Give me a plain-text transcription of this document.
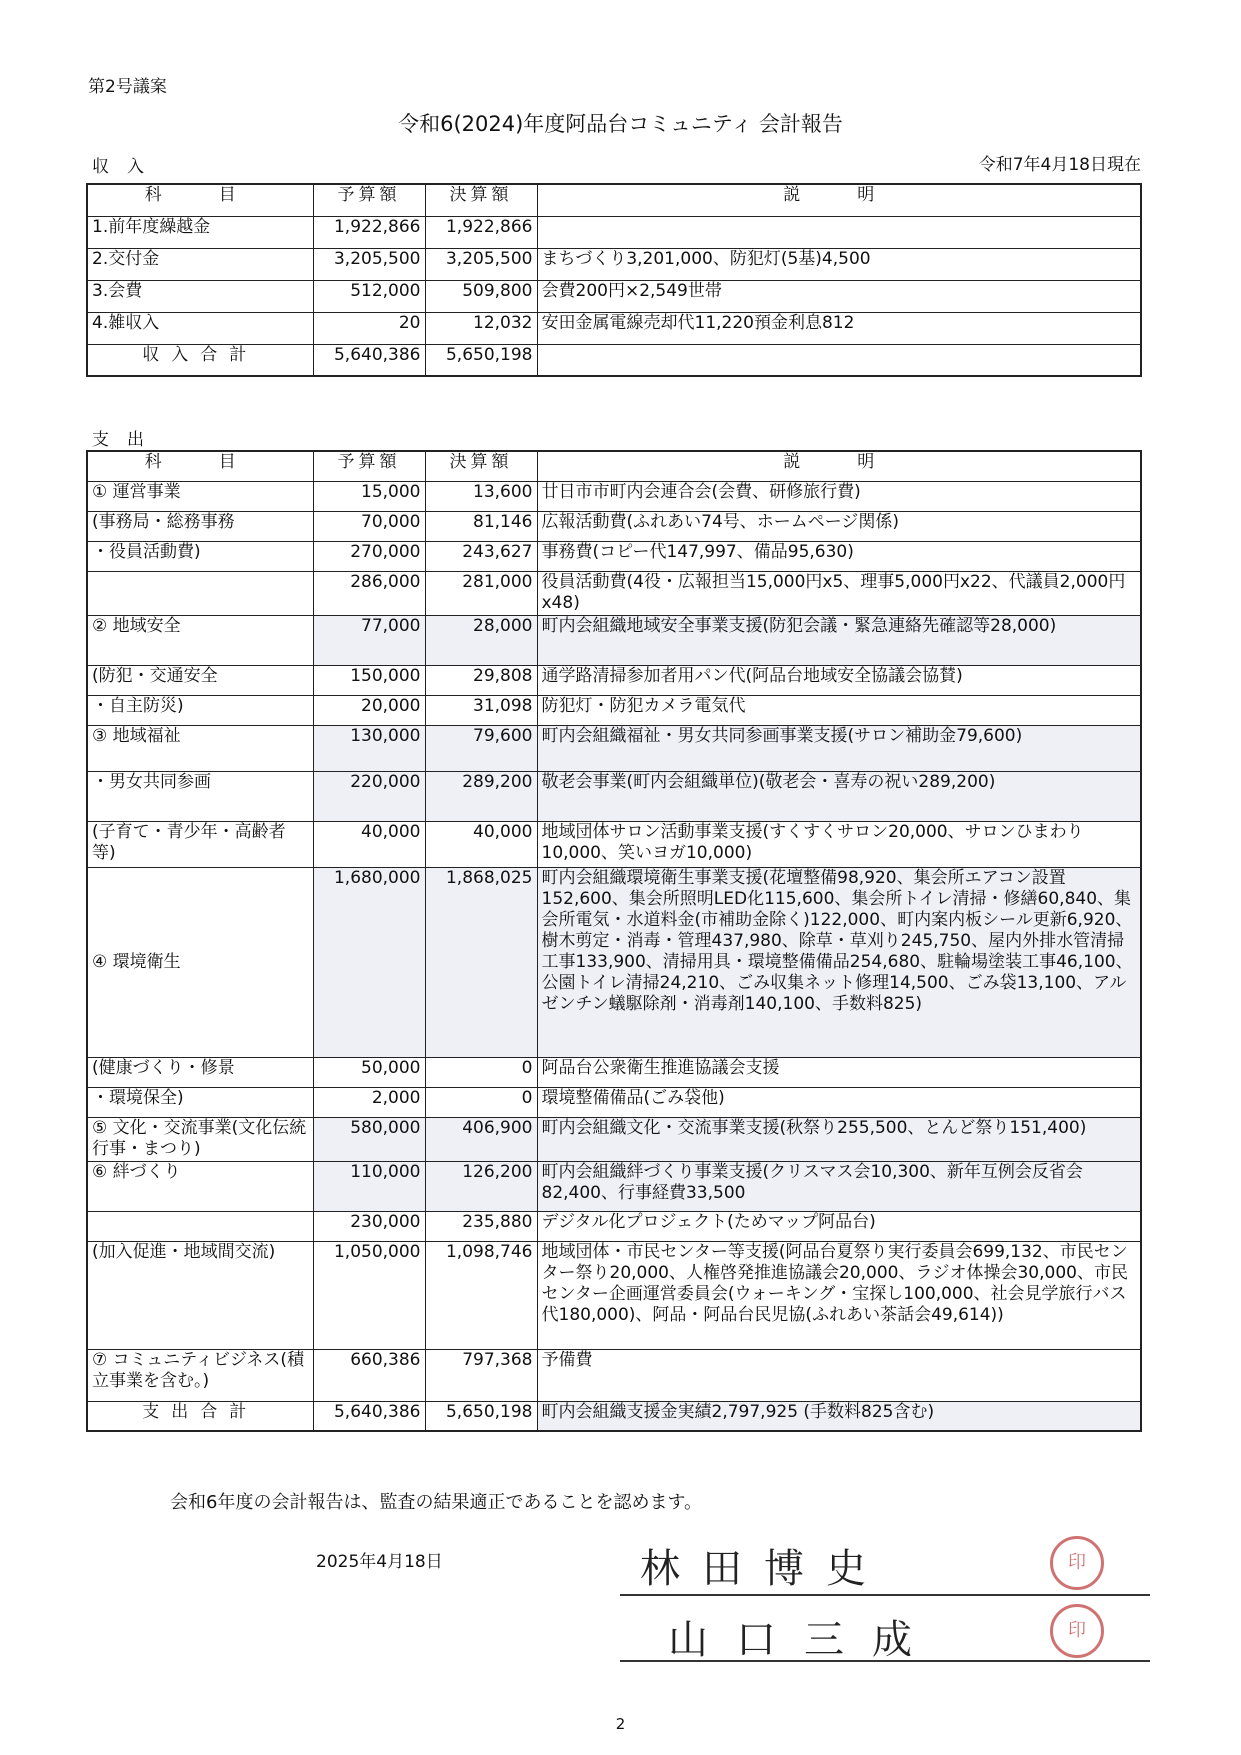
第2号議案
令和6(2024)年度阿品台コミュニティ 会計報告
収入	令和7年4月18日現在
科　目	予算額	決算額	説　明
1.前年度繰越金	1,922,866	1,922,866	
2.交付金	3,205,500	3,205,500	まちづくり3,201,000、防犯灯(5基)4,500
3.会費	512,000	509,800	会費200円×2,549世帯
4.雑収入	20	12,032	安田金属電線売却代11,220預金利息812
収入合計	5,640,386	5,650,198	
支出
科　目	予算額	決算額	説　明
① 運営事業	15,000	13,600	廿日市市町内会連合会(会費、研修旅行費)
(事務局・総務事務	70,000	81,146	広報活動費(ふれあい74号、ホームページ関係)
・役員活動費)	270,000	243,627	事務費(コピー代147,997、備品95,630)
	286,000	281,000	役員活動費(4役・広報担当15,000円x5、理事5,000円x22、代議員2,000円x48)
② 地域安全	77,000	28,000	町内会組織地域安全事業支援(防犯会議・緊急連絡先確認等28,000)
(防犯・交通安全	150,000	29,808	通学路清掃参加者用パン代(阿品台地域安全協議会協賛)
・自主防災)	20,000	31,098	防犯灯・防犯カメラ電気代
③ 地域福祉	130,000	79,600	町内会組織福祉・男女共同参画事業支援(サロン補助金79,600)
・男女共同参画	220,000	289,200	敬老会事業(町内会組織単位)(敬老会・喜寿の祝い289,200)
(子育て・青少年・高齢者等)	40,000	40,000	地域団体サロン活動事業支援(すくすくサロン20,000、サロンひまわり10,000、笑いヨガ10,000)
④ 環境衛生	1,680,000	1,868,025	町内会組織環境衛生事業支援(花壇整備98,920、集会所エアコン設置152,600、集会所照明LED化115,600、集会所トイレ清掃・修繕60,840、集会所電気・水道料金(市補助金除く)122,000、町内案内板シール更新6,920、樹木剪定・消毒・管理437,980、除草・草刈り245,750、屋内外排水管清掃工事133,900、清掃用具・環境整備備品254,680、駐輪場塗装工事46,100、公園トイレ清掃24,210、ごみ収集ネット修理14,500、ごみ袋13,100、アルゼンチン蟻駆除剤・消毒剤140,100、手数料825)
(健康づくり・修景	50,000	0	阿品台公衆衛生推進協議会支援
・環境保全)	2,000	0	環境整備備品(ごみ袋他)
⑤ 文化・交流事業(文化伝統行事・まつり)	580,000	406,900	町内会組織文化・交流事業支援(秋祭り255,500、とんど祭り151,400)
⑥ 絆づくり	110,000	126,200	町内会組織絆づくり事業支援(クリスマス会10,300、新年互例会反省会82,400、行事経費33,500
	230,000	235,880	デジタル化プロジェクト(ためマップ阿品台)
(加入促進・地域間交流)	1,050,000	1,098,746	地域団体・市民センター等支援(阿品台夏祭り実行委員会699,132、市民センター祭り20,000、人権啓発推進協議会20,000、ラジオ体操会30,000、市民センター企画運営委員会(ウォーキング・宝探し100,000、社会見学旅行バス代180,000)、阿品・阿品台民児協(ふれあい茶話会49,614))
⑦ コミュニティビジネス(積立事業を含む。)	660,386	797,368	予備費
支出合計	5,640,386	5,650,198	町内会組織支援金実績2,797,925 (手数料825含む)
会和6年度の会計報告は、監査の結果適正であることを認めます。
2025年4月18日	林田博史	印
山口三成	印
2
